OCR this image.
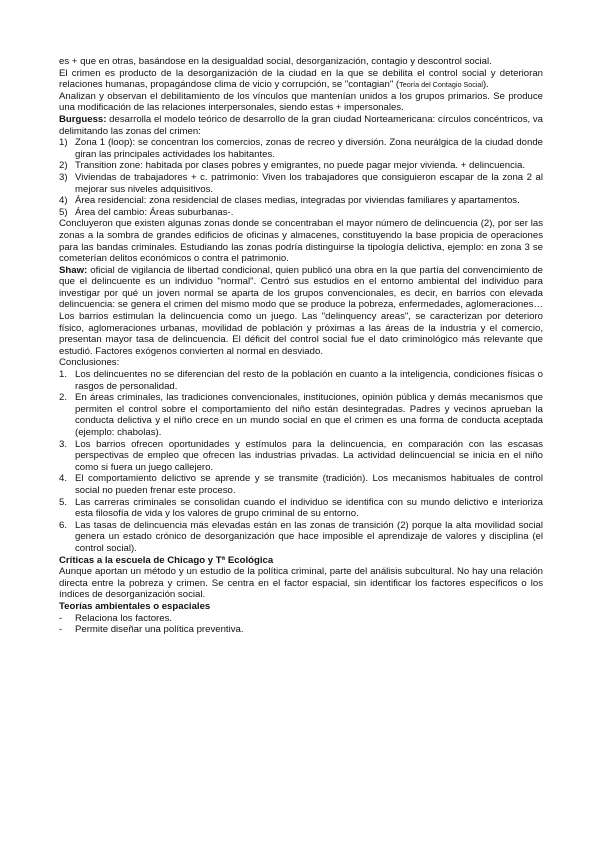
es + que en otras, basándose en la desigualdad social, desorganización, contagio y descontrol social.

El crimen es producto de la desorganización de la ciudad en la que se debilita el control social y deterioran relaciones humanas, propagándose clima de vicio y corrupción, se "contagian" (Teoría del Contagio Social).

Analizan y observan el debilitamiento de los vínculos que mantenían unidos a los grupos primarios. Se produce una modificación de las relaciones interpersonales, siendo estas + impersonales.

Burguess: desarrolla el modelo teórico de desarrollo de la gran ciudad Norteamericana: círculos concéntricos, va delimitando las zonas del crimen:

1) Zona 1 (loop): se concentran los comercios, zonas de recreo y diversión. Zona neurálgica de la ciudad donde giran las principales actividades los habitantes.
2) Transition zone: habitada por clases pobres y emigrantes, no puede pagar mejor vivienda. + delincuencia.
3) Viviendas de trabajadores + c. patrimonio: Viven los trabajadores que consiguieron escapar de la zona 2 al mejorar sus niveles adquisitivos.
4) Área residencial: zona residencial de clases medias, integradas por viviendas familiares y apartamentos.
5) Área del cambio: Áreas suburbanas-.

Concluyeron que existen algunas zonas donde se concentraban el mayor número de delincuencia (2), por ser las zonas a la sombra de grandes edificios de oficinas y almacenes, constituyendo la base propicia de operaciones para las bandas criminales. Estudiando las zonas podría distinguirse la tipología delictiva, ejemplo: en zona 3 se cometerían delitos económicos o contra el patrimonio.

Shaw: oficial de vigilancia de libertad condicional, quien publicó una obra en la que partía del convencimiento de que el delincuente es un individuo "normal". Centró sus estudios en el entorno ambiental del individuo para investigar por qué un joven normal se aparta de los grupos convencionales, es decir, en barrios con elevada delincuencia: se genera el crimen del mismo modo que se produce la pobreza, enfermedades, aglomeraciones… Los barrios estimulan la delincuencia como un juego. Las "delinquency areas", se caracterizan por deterioro físico, aglomeraciones urbanas, movilidad de población y próximas a las áreas de la industria y el comercio, presentan mayor tasa de delincuencia. El déficit del control social fue el dato criminológico más relevante que estudió. Factores exógenos convierten al normal en desviado.

Conclusiones:

1. Los delincuentes no se diferencian del resto de la población en cuanto a la inteligencia, condiciones físicas o rasgos de personalidad.
2. En áreas criminales, las tradiciones convencionales, instituciones, opinión pública y demás mecanismos que permiten el control sobre el comportamiento del niño están desintegradas. Padres y vecinos aprueban la conducta delictiva y el niño crece en un mundo social en que el crimen es una forma de conducta aceptada (ejemplo: chabolas).
3. Los barrios ofrecen oportunidades y estímulos para la delincuencia, en comparación con las escasas perspectivas de empleo que ofrecen las industrias privadas. La actividad delincuencial se inicia en el niño como si fuera un juego callejero.
4. El comportamiento delictivo se aprende y se transmite (tradición). Los mecanismos habituales de control social no pueden frenar este proceso.
5. Las carreras criminales se consolidan cuando el individuo se identifica con su mundo delictivo e interioriza esta filosofía de vida y los valores de grupo criminal de su entorno.
6. Las tasas de delincuencia más elevadas están en las zonas de transición (2) porque la alta movilidad social genera un estado crónico de desorganización que hace imposible el aprendizaje de valores y disciplina (el control social).

Críticas a la escuela de Chicago y Tª Ecológica

Aunque aportan un método y un estudio de la política criminal, parte del análisis subcultural. No hay una relación directa entre la pobreza y crimen. Se centra en el factor espacial, sin identificar los factores específicos o los índices de desorganización social.

Teorías ambientales o espaciales

- Relaciona los factores.
- Permite diseñar una política preventiva.
